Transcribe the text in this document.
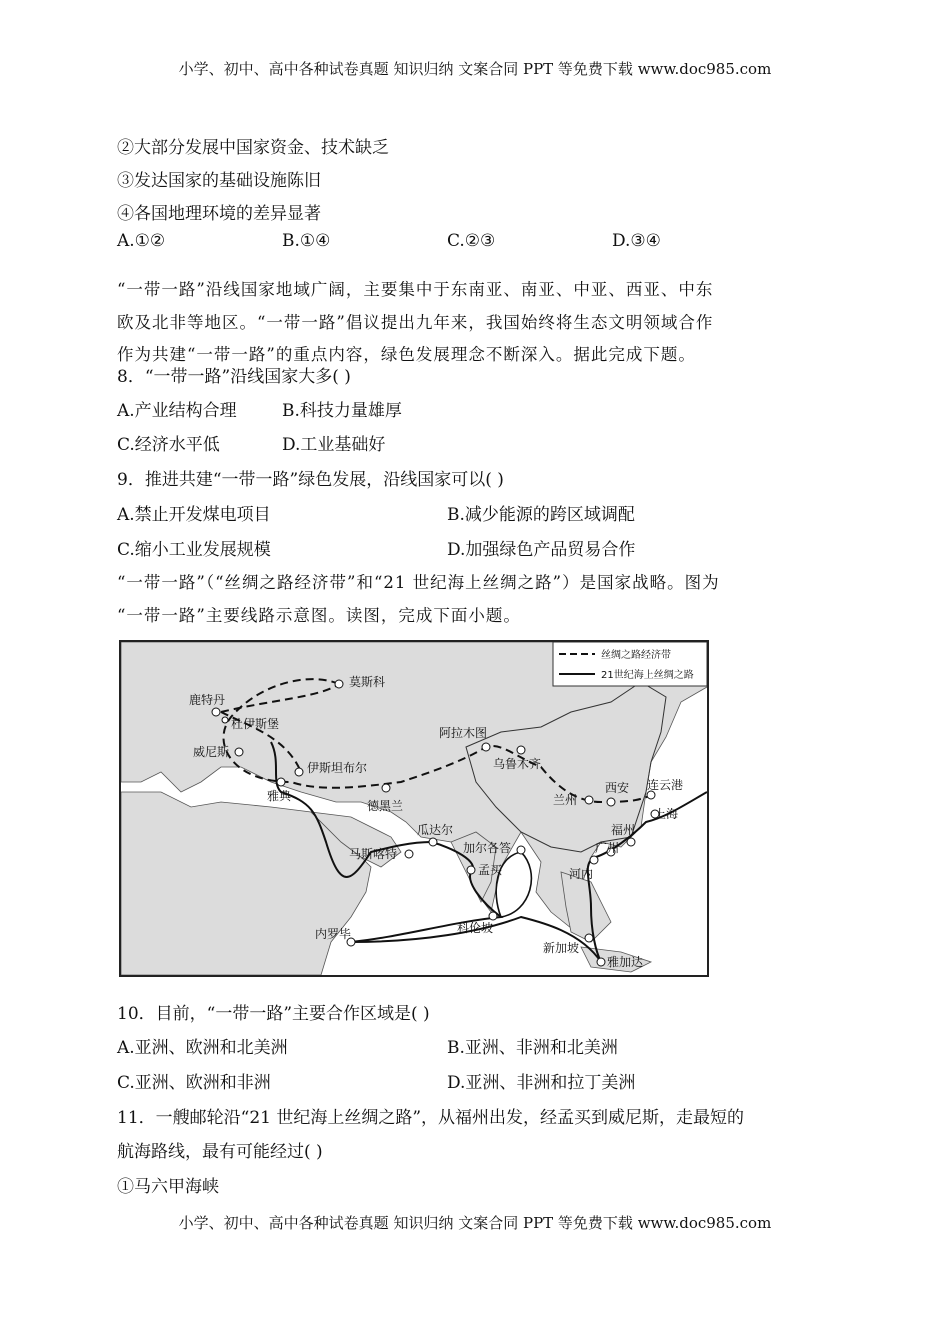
小学、初中、高中各种试卷真题 知识归纳 文案合同 PPT 等免费下载 www.doc985.com
②大部分发展中国家资金、技术缺乏
③发达国家的基础设施陈旧
④各国地理环境的差异显著
A.①②	B.①④	C.②③	D.③④
“一带一路”沿线国家地域广阔，主要集中于东南亚、南亚、中亚、西亚、中东
欧及北非等地区。“一带一路”倡议提出九年来，我国始终将生态文明领域合作
作为共建“一带一路”的重点内容，绿色发展理念不断深入。据此完成下题。
8．“一带一路”沿线国家大多( )
A.产业结构合理	B.科技力量雄厚
C.经济水平低	D.工业基础好
9．推进共建“一带一路”绿色发展，沿线国家可以( )
A.禁止开发煤电项目	B.减少能源的跨区域调配
C.缩小工业发展规模	D.加强绿色产品贸易合作
“一带一路”（“丝绸之路经济带”和“21 世纪海上丝绸之路”）是国家战略。图为
“一带一路”主要线路示意图。读图，完成下面小题。
丝绸之路经济带
21世纪海上丝绸之路
莫斯科
鹿特丹
杜伊斯堡
威尼斯
伊斯坦布尔
雅典
德黑兰
阿拉木图
乌鲁木齐
兰州
西安 连云港
上海
福州
广州
河内
瓜达尔
马斯喀特	加尔各答
孟买
科伦坡
内罗毕
新加坡
雅加达
10．目前，“一带一路”主要合作区域是( )
A.亚洲、欧洲和北美洲	B.亚洲、非洲和北美洲
C.亚洲、欧洲和非洲	D.亚洲、非洲和拉丁美洲
11．一艘邮轮沿“21 世纪海上丝绸之路”，从福州出发，经孟买到威尼斯，走最短的
航海路线，最有可能经过( )
①马六甲海峡
小学、初中、高中各种试卷真题 知识归纳 文案合同 PPT 等免费下载 www.doc985.com
